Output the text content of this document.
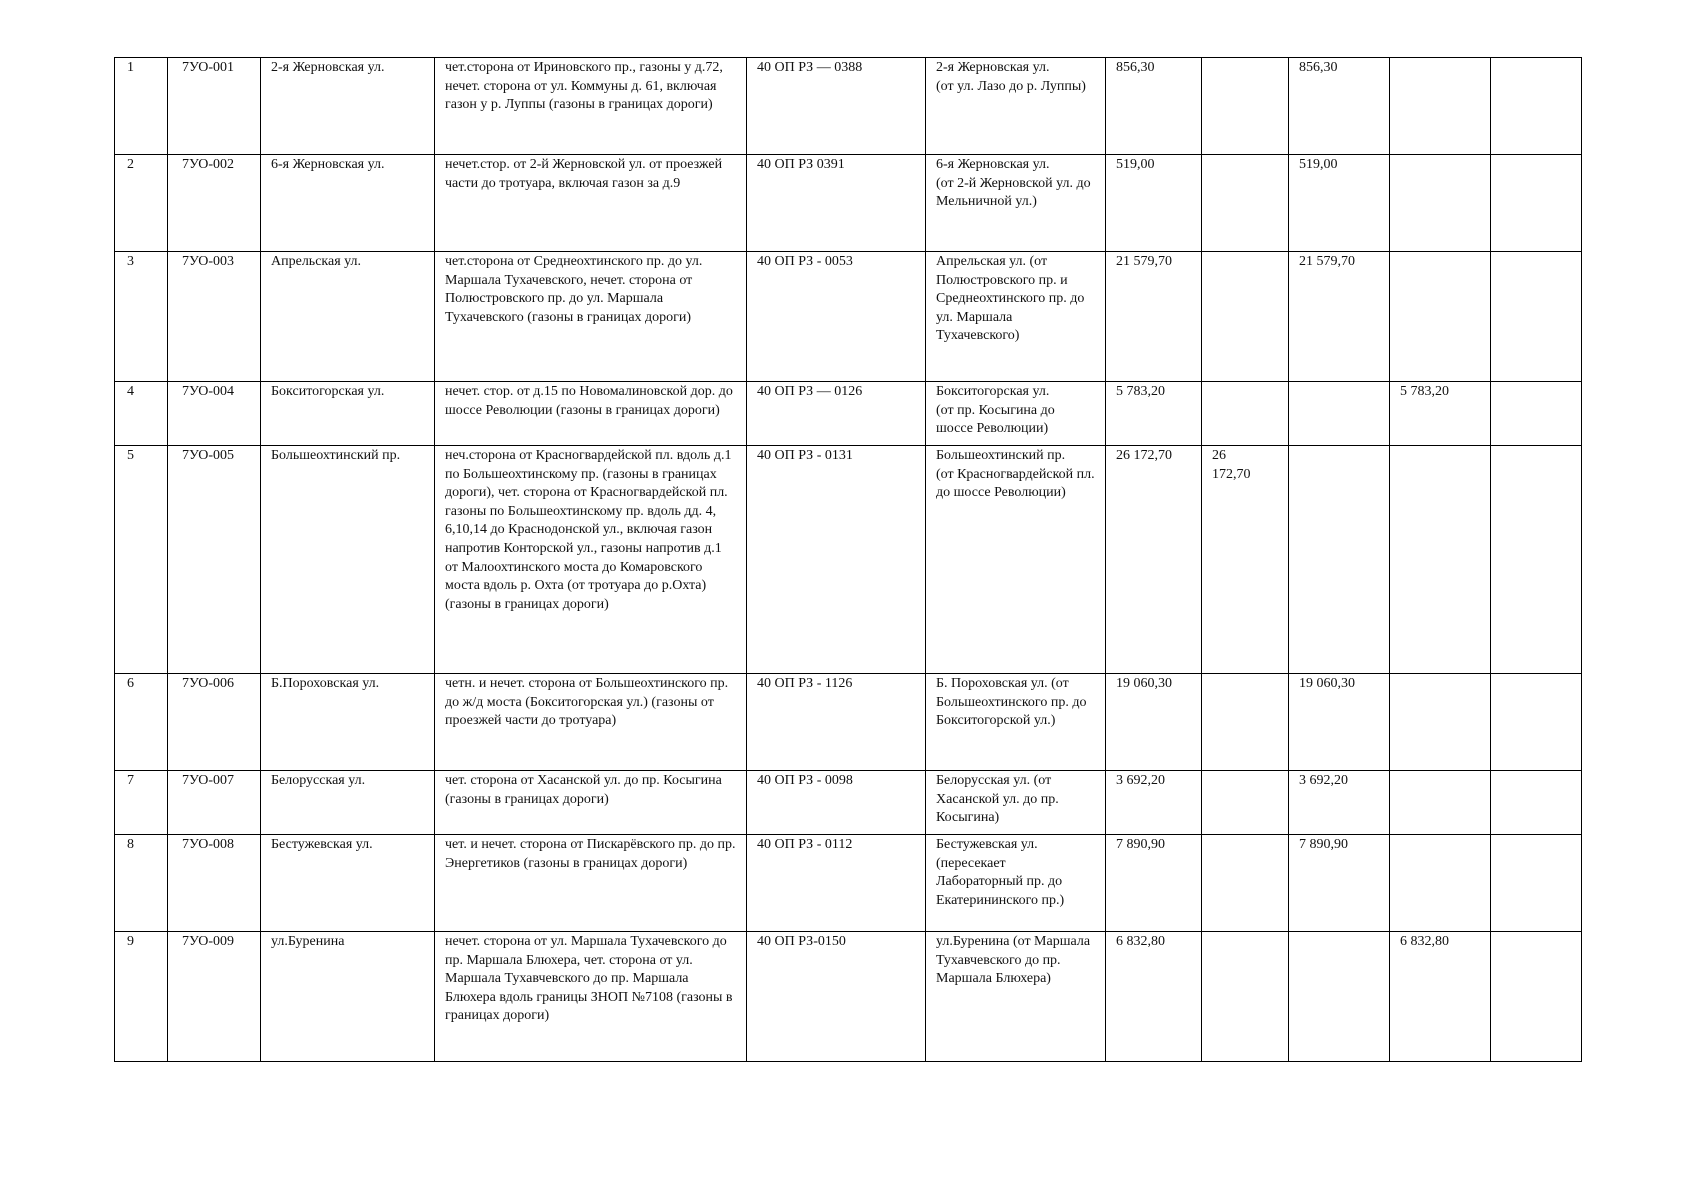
1	7УО-001	2-я Жерновская ул.	чет.сторона от Ириновского пр., газоны у д.72, нечет. сторона от ул. Коммуны д. 61, включая газон у р. Луппы (газоны в границах дороги)	40 ОП РЗ — 0388	2-я Жерновская ул.
(от ул. Лазо до р. Луппы)	856,30		856,30		
2	7УО-002	6-я Жерновская ул.	нечет.стор. от 2-й Жерновской ул. от проезжей части до тротуара, включая газон за д.9	40 ОП РЗ 0391	6-я Жерновская ул.
(от 2-й Жерновской ул. до Мельничной ул.)	519,00		519,00		
3	7УО-003	Апрельская ул.	чет.сторона от Среднеохтинского пр. до ул. Маршала Тухачевского, нечет. сторона от Полюстровского пр. до ул. Маршала Тухачевского (газоны в границах дороги)	40 ОП РЗ - 0053	Апрельская ул. (от Полюстровского пр. и Среднеохтинского пр. до ул. Маршала Тухачевского)	21 579,70		21 579,70		
4	7УО-004	Бокситогорская ул.	нечет. стор. от д.15 по Новомалиновской дор. до шоссе Революции (газоны в границах дороги)	40 ОП РЗ — 0126	Бокситогорская ул.
(от пр. Косыгина до шоссе Революции)	5 783,20			5 783,20	
5	7УО-005	Большеохтинский пр.	неч.сторона от Красногвардейской пл. вдоль д.1 по Большеохтинскому пр. (газоны в границах дороги), чет. сторона от Красногвардейской пл. газоны по Большеохтинскому пр. вдоль дд. 4, 6,10,14 до Краснодонской ул., включая газон напротив Конторской ул., газоны напротив д.1 от Малоохтинского моста до Комаровского моста вдоль р. Охта (от тротуара до р.Охта) (газоны в границах дороги)	40 ОП РЗ - 0131	Большеохтинский пр.
(от Красногвардейской пл. до шоссе Революции)	26 172,70	26
172,70			
6	7УО-006	Б.Пороховская ул.	четн. и нечет. сторона от Большеохтинского пр. до ж/д моста (Бокситогорская ул.) (газоны от проезжей части до тротуара)	40 ОП РЗ - 1126	Б. Пороховская ул. (от Большеохтинского пр. до Бокситогорской ул.)	19 060,30		19 060,30		
7	7УО-007	Белорусская ул.	чет. сторона от Хасанской ул. до пр. Косыгина (газоны в границах дороги)	40 ОП РЗ - 0098	Белорусская ул. (от Хасанской ул. до пр. Косыгина)	3 692,20		3 692,20		
8	7УО-008	Бестужевская ул.	чет. и нечет. сторона от Пискарёвского пр. до пр. Энергетиков (газоны в границах дороги)	40 ОП РЗ - 0112	Бестужевская ул.
(пересекает Лабораторный пр. до Екатерининского пр.)	7 890,90		7 890,90		
9	7УО-009	ул.Буренина	нечет. сторона от ул. Маршала Тухачевского до пр. Маршала Блюхера, чет. сторона от ул. Маршала Тухавчевского до пр. Маршала Блюхера вдоль границы ЗНОП №7108 (газоны в границах дороги)	40 ОП РЗ-0150	ул.Буренина (от Маршала Тухавчевского до пр. Маршала Блюхера)	6 832,80			6 832,80	
